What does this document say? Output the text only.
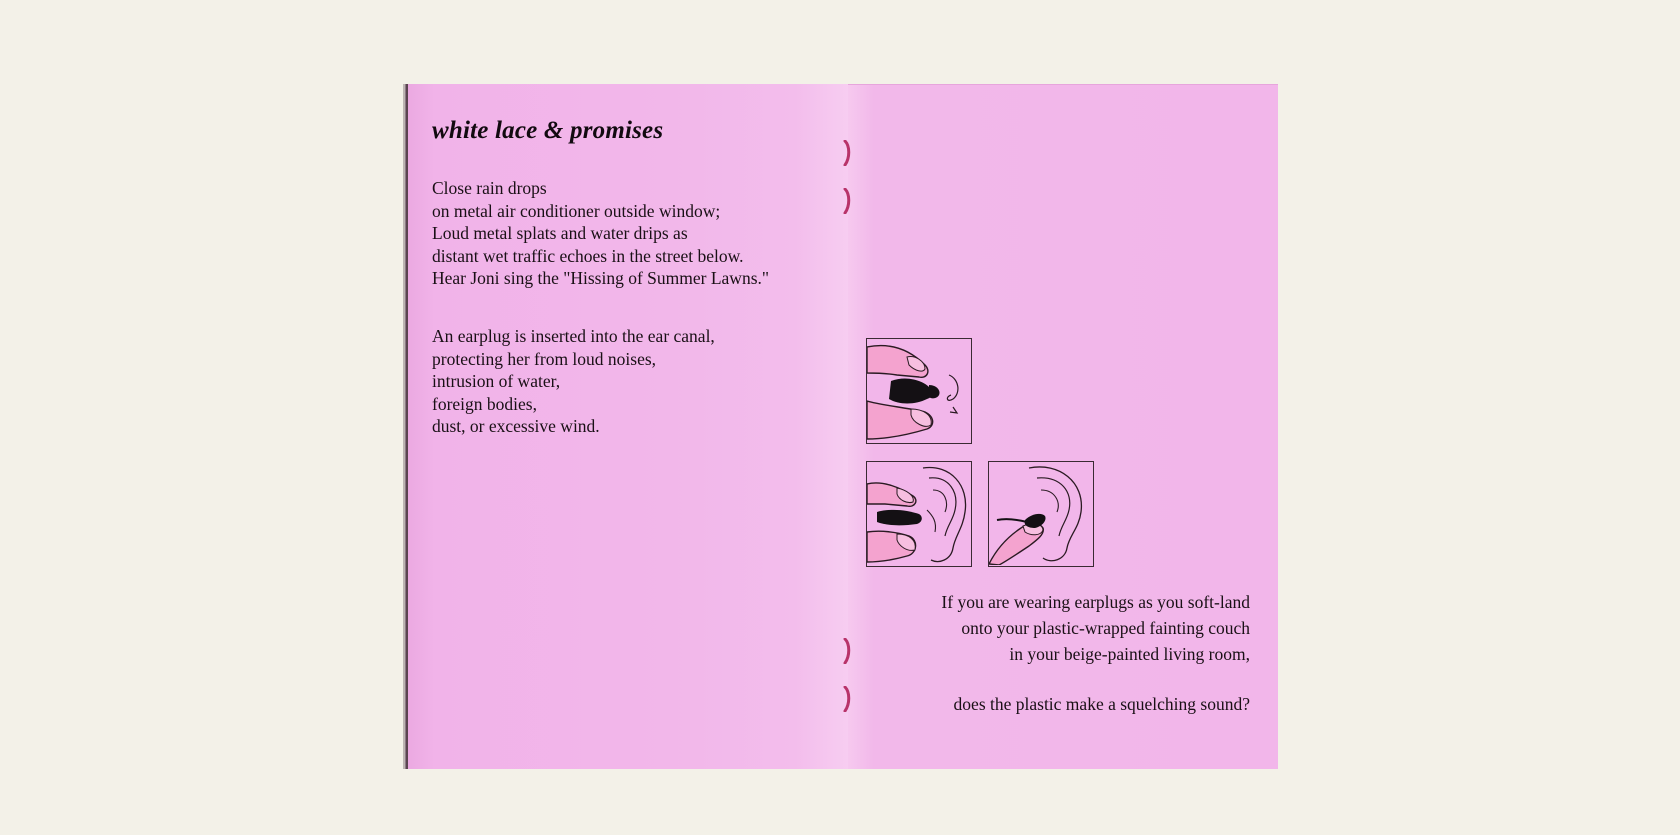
white lace & promises

Close rain drops
on metal air conditioner outside window;
Loud metal splats and water drips as
distant wet traffic echoes in the street below.
Hear Joni sing the "Hissing of Summer Lawns."

An earplug is inserted into the ear canal,
protecting her from loud noises,
intrusion of water,
foreign bodies,
dust, or excessive wind.

If you are wearing earplugs as you soft-land
onto your plastic-wrapped fainting couch
in your beige-painted living room,

does the plastic make a squelching sound?
